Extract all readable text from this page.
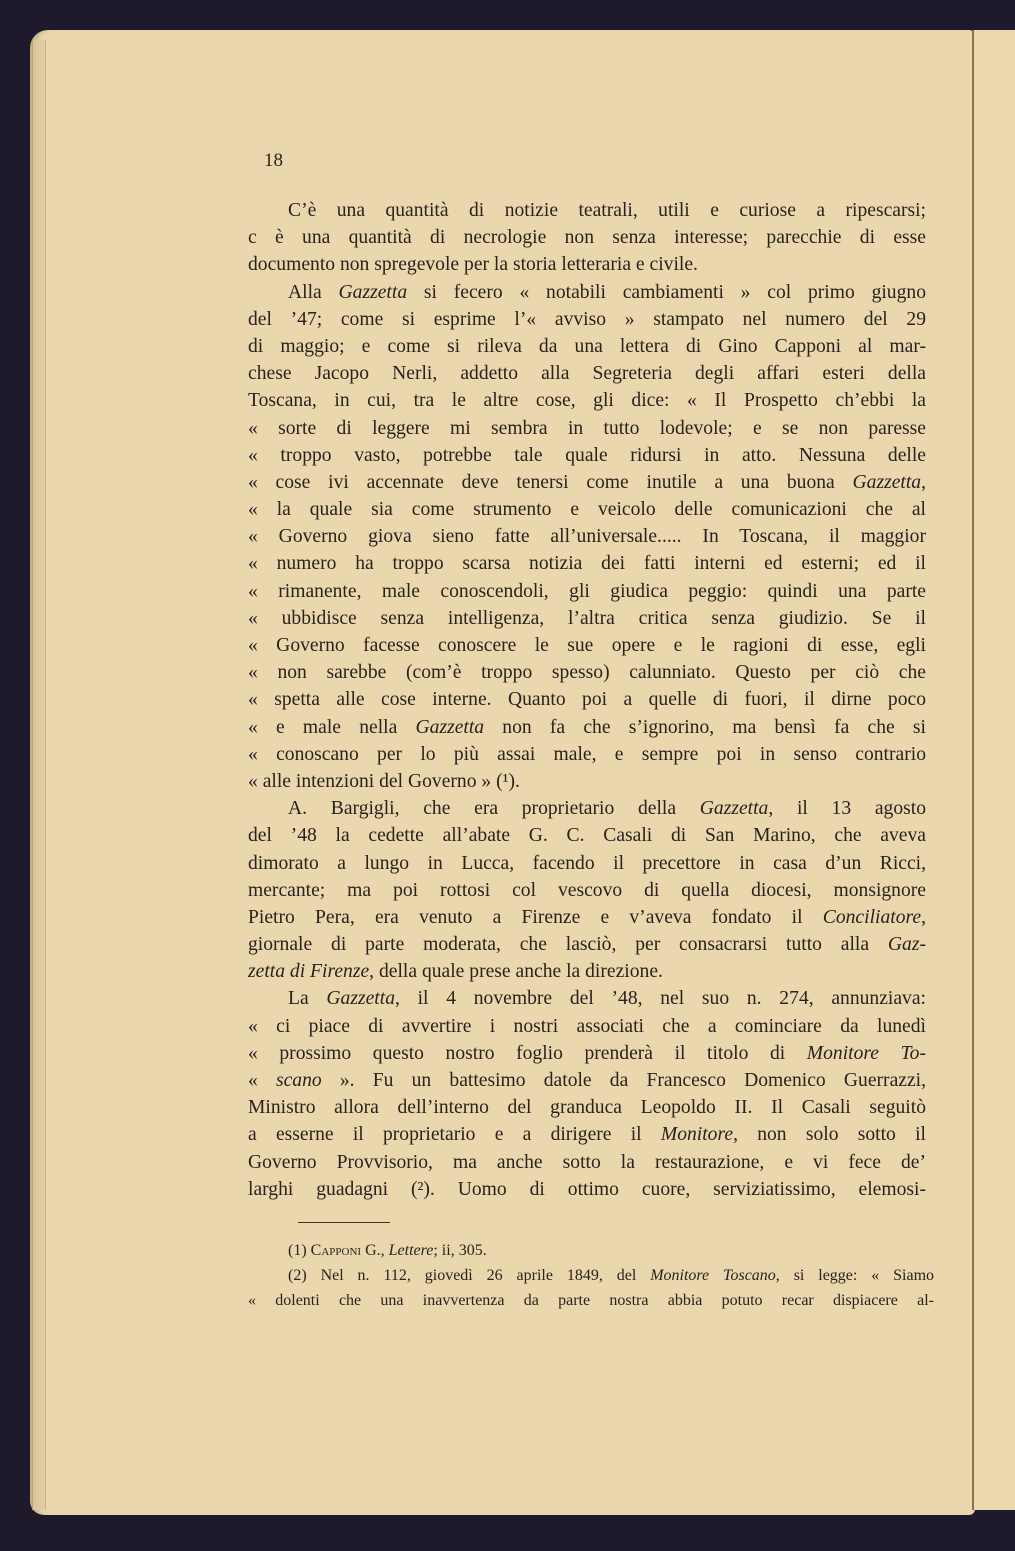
18
C’è una quantità di notizie teatrali, utili e curiose a ripescarsi;
c è una quantità di necrologie non senza interesse; parecchie di esse
documento non spregevole per la storia letteraria e civile.
Alla Gazzetta si fecero « notabili cambiamenti » col primo giugno
del ’47; come si esprime l’« avviso » stampato nel numero del 29
di maggio; e come si rileva da una lettera di Gino Capponi al mar-
chese Jacopo Nerli, addetto alla Segreteria degli affari esteri della
Toscana, in cui, tra le altre cose, gli dice: « Il Prospetto ch’ebbi la
« sorte di leggere mi sembra in tutto lodevole; e se non paresse
« troppo vasto, potrebbe tale quale ridursi in atto. Nessuna delle
« cose ivi accennate deve tenersi come inutile a una buona Gazzetta,
« la quale sia come strumento e veicolo delle comunicazioni che al
« Governo giova sieno fatte all’universale..... In Toscana, il maggior
« numero ha troppo scarsa notizia dei fatti interni ed esterni; ed il
« rimanente, male conoscendoli, gli giudica peggio: quindi una parte
« ubbidisce senza intelligenza, l’altra critica senza giudizio. Se il
« Governo facesse conoscere le sue opere e le ragioni di esse, egli
« non sarebbe (com’è troppo spesso) calunniato. Questo per ciò che
« spetta alle cose interne. Quanto poi a quelle di fuori, il dirne poco
« e male nella Gazzetta non fa che s’ignorino, ma bensì fa che si
« conoscano per lo più assai male, e sempre poi in senso contrario
« alle intenzioni del Governo » (¹).
A. Bargigli, che era proprietario della Gazzetta, il 13 agosto
del ’48 la cedette all’abate G. C. Casali di San Marino, che aveva
dimorato a lungo in Lucca, facendo il precettore in casa d’un Ricci,
mercante; ma poi rottosi col vescovo di quella diocesi, monsignore
Pietro Pera, era venuto a Firenze e v’aveva fondato il Conciliatore,
giornale di parte moderata, che lasciò, per consacrarsi tutto alla Gaz-
zetta di Firenze, della quale prese anche la direzione.
La Gazzetta, il 4 novembre del ’48, nel suo n. 274, annunziava:
« ci piace di avvertire i nostri associati che a cominciare da lunedì
« prossimo questo nostro foglio prenderà il titolo di Monitore To-
« scano ». Fu un battesimo datole da Francesco Domenico Guerrazzi,
Ministro allora dell’interno del granduca Leopoldo II. Il Casali seguitò
a esserne il proprietario e a dirigere il Monitore, non solo sotto il
Governo Provvisorio, ma anche sotto la restaurazione, e vi fece de’
larghi guadagni (²). Uomo di ottimo cuore, serviziatissimo, elemosi-
(1) Capponi G., Lettere; ii, 305.
(2) Nel n. 112, giovedì 26 aprile 1849, del Monitore Toscano, si legge: « Siamo
« dolenti che una inavvertenza da parte nostra abbia potuto recar dispiacere al-
